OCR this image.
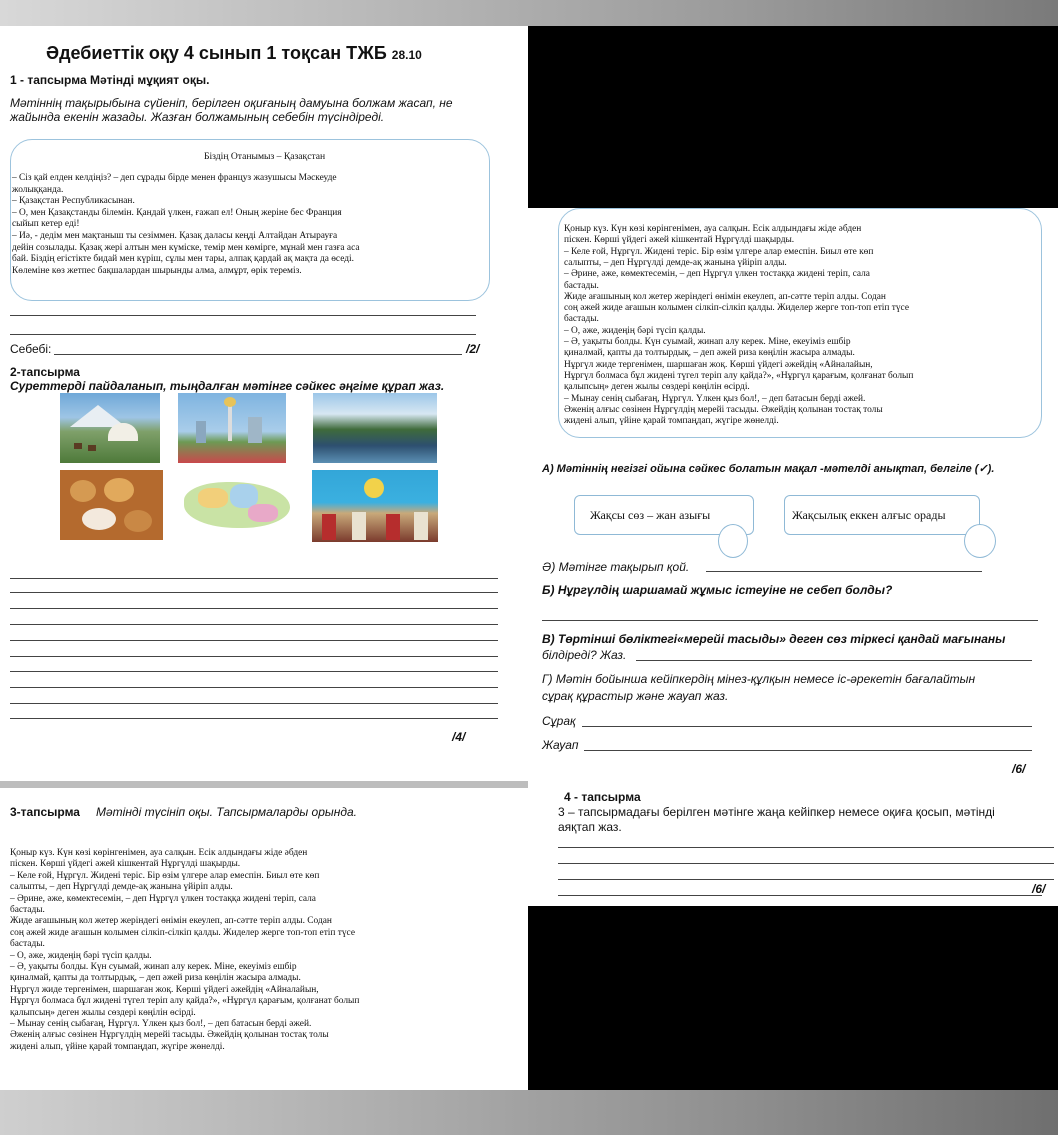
Әдебиеттік оқу 4 сынып 1 тоқсан ТЖБ 28.10
1 - тапсырма Мәтінді мұқият оқы.
Мәтіннің тақырыбына сүйеніп, берілген оқиғаның дамуына болжам жасап, не
жайында екенін жазады. Жазған болжамының себебін түсіндіреді.
Біздің Отанымыз – Қазақстан
– Сіз қай елден келдіңіз? – деп сұрады бірде менен француз жазушысы Мәскеуде
жолыққанда.
– Қазақстан Республикасынан.
– О, мен Қазақстанды білемін. Қандай үлкен, ғажап ел! Оның жеріне бес Франция
сыйып кетер еді!
– Иә, - дедім мен мақтаныш ты сезіммен. Қазақ даласы кеңді Алтайдан Атырауға
дейін созылады. Қазақ жері алтын мен күміске, темір мен көмірге, мұнай мен газға аса
бай. Біздің егістікте бидай мен күріш, сұлы мен тары, алпақ қардай ақ мақта да өседі.
Көлеміне көз жетпес бақшалардан шырынды алма, алмұрт, өрік тереміз.
Себебі:	/2/
2-тапсырма
Суреттерді пайдаланып, тыңдалған мәтінге сәйкес әңгіме құрап жаз.
/4/
Қоныр күз. Күн көзі көрінгенімен, ауа салқын. Есік алдындағы жіде әбден
піскен. Көрші үйдегі әжей кішкентай Нұргүлді шақырды.
– Келе ғой, Нұргүл. Жидені теріс. Бір өзім үлгере алар емеспін. Биыл өте көп
салыпты, – деп Нұргүлді демде-ақ жанына үйіріп алды.
– Әрине, әже, көмектесемін, – деп Нұргүл үлкен тостаққа жидені теріп, сала
бастады.
Жиде ағашының кол жетер жеріндегі өнімін екеулеп, ап-сәтте теріп алды. Содан
соң әжей жиде ағашын колымен сілкіп-сілкіп қалды. Жиделер жерге топ-топ етіп түсе
бастады.
– О, әже, жидеңің бәрі түсіп қалды.
– Ә, уақыты болды. Күн суымай, жинап алу керек. Міне, екеуіміз ешбір
қиналмай, қапты да толтырдық, – деп әжей риза көңілін жасыра алмады.
Нұргүл жиде тергенімен, шаршаған жоқ. Көрші үйдегі әжейдің «Айналайын,
Нұргүл болмаса бұл жидені түгел теріп алу қайда?», «Нұргүл қарағым, қолғанат болып
қалыпсың» деген жылы сөздері көңілін өсірді.
– Мынау сенің сыбағаң, Нұргүл. Үлкен қыз бол!, – деп батасын берді әжей.
Әженің алғыс сөзінен Нұргүлдің мерейі тасыды. Әжейдің қолынан тостақ толы
жидені алып, үйіне қарай томпаңдап, жүгіре жөнелді.
А) Мәтіннің негізгі ойына сәйкес болатын мақал -мәтелді анықтап, белгіле (✓).
Жақсы сөз – жан азығы	Жақсылық еккен алғыс орады
Ә) Мәтінге тақырып қой.
Б) Нұргүлдің шаршамай жұмыс істеуіне не себеп болды?
В) Төртінші бөліктегі«мерейі тасыды» деген сөз тіркесі қандай мағынаны
білдіреді? Жаз.
Г) Мәтін бойынша кейіпкердің мінез-құлқын немесе іс-әрекетін бағалайтын
сұрақ құрастыр және жауап жаз.
Сұрақ
Жауап
/6/
4 - тапсырма
3 – тапсырмадағы берілген мәтінге жаңа кейіпкер немесе оқиға қосып, мәтінді
аяқтап жаз.
/6/
3-тапсырма Мәтінді түсініп оқы. Тапсырмаларды орында.
Қоныр күз. Күн көзі көрінгенімен, ауа салқын. Есік алдындағы жіде әбден
піскен. Көрші үйдегі әжей кішкентай Нұргүлді шақырды.
– Келе ғой, Нұргүл. Жидені теріс. Бір өзім үлгере алар емеспін. Биыл өте көп
салыпты, – деп Нұргүлді демде-ақ жанына үйіріп алды.
– Әрине, әже, көмектесемін, – деп Нұргүл үлкен тостаққа жидені теріп, сала
бастады.
Жиде ағашының кол жетер жеріндегі өнімін екеулеп, ап-сәтте теріп алды. Содан
соң әжей жиде ағашын колымен сілкіп-сілкіп қалды. Жиделер жерге топ-топ етіп түсе
бастады.
– О, әже, жидеңің бәрі түсіп қалды.
– Ә, уақыты болды. Күн суымай, жинап алу керек. Міне, екеуіміз ешбір
қиналмай, қапты да толтырдық, – деп әжей риза көңілін жасыра алмады.
Нұргүл жиде тергенімен, шаршаған жоқ. Көрші үйдегі әжейдің «Айналайын,
Нұргүл болмаса бұл жидені түгел теріп алу қайда?», «Нұргүл қарағым, қолғанат болып
қалыпсың» деген жылы сөздері көңілін өсірді.
– Мынау сенің сыбағаң, Нұргүл. Үлкен қыз бол!, – деп батасын берді әжей.
Әженің алғыс сөзінен Нұргүлдің мерейі тасыды. Әжейдің қолынан тостақ толы
жидені алып, үйіне қарай томпаңдап, жүгіре жөнелді.
